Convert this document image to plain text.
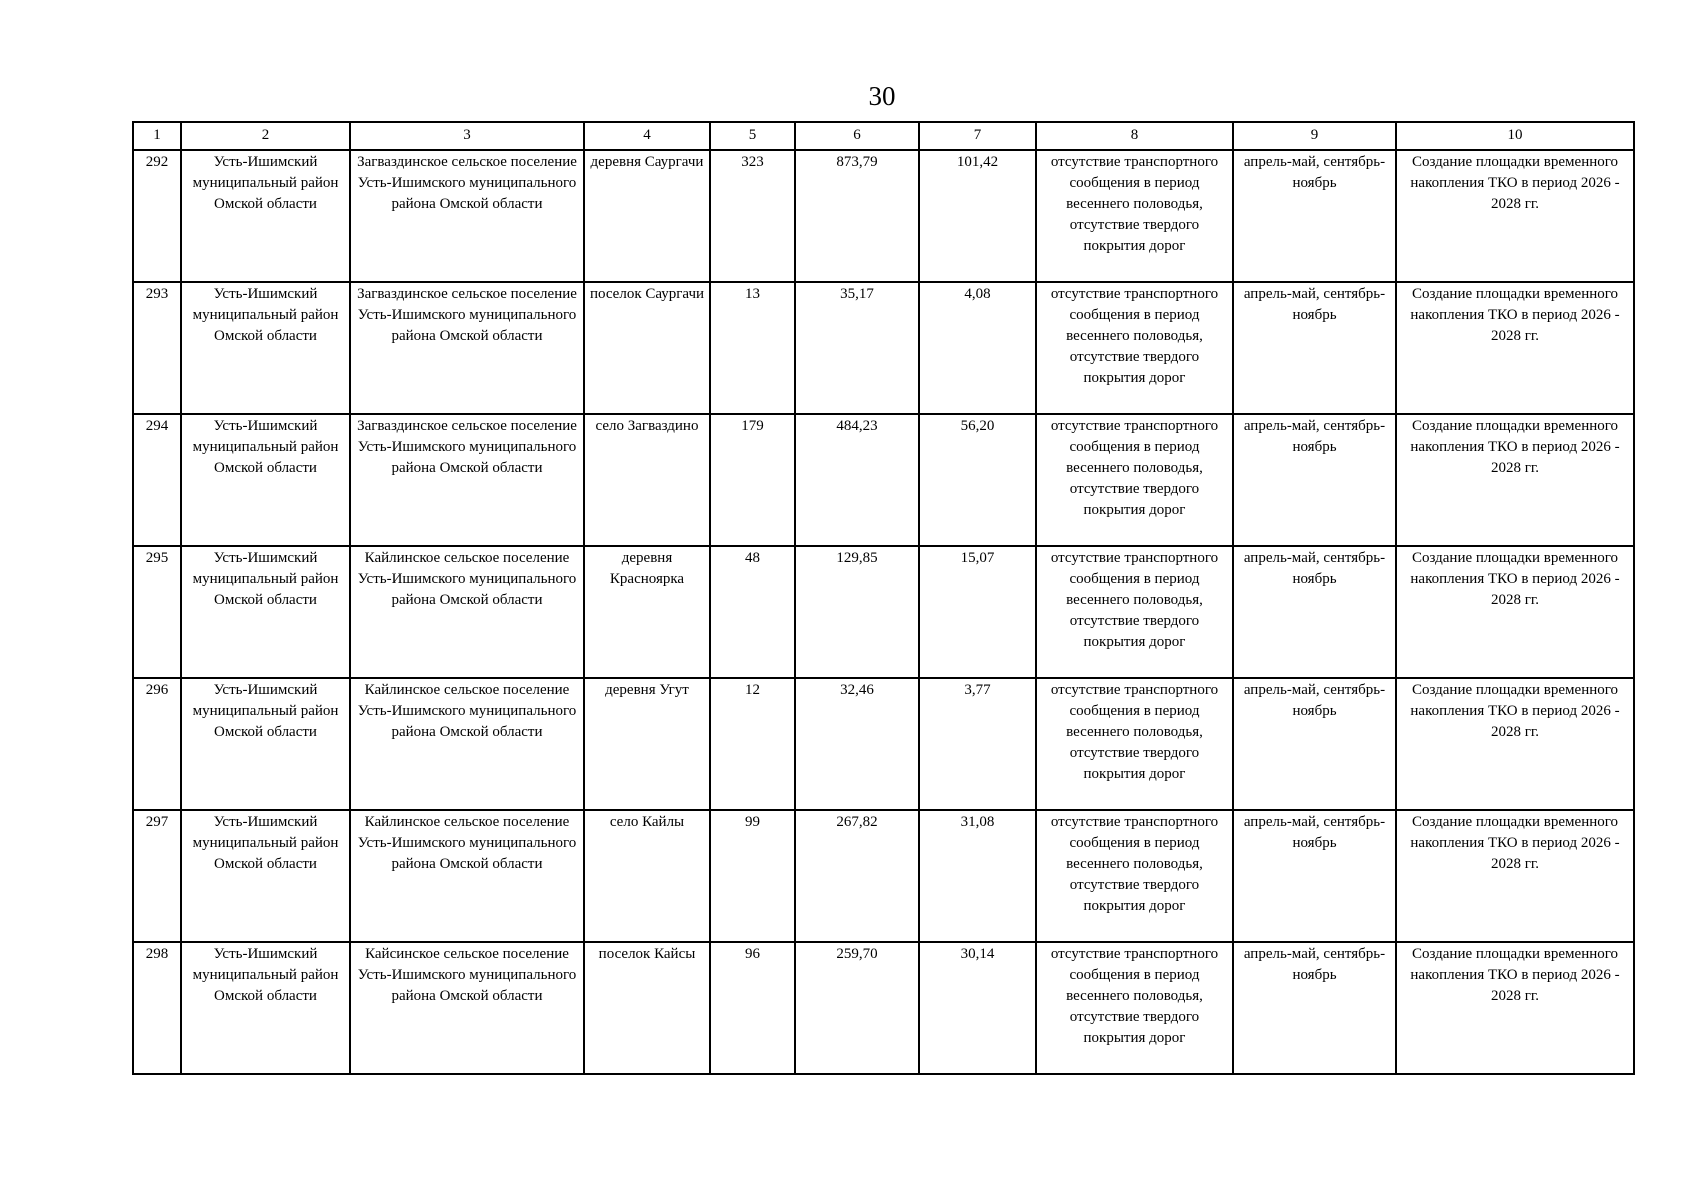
30
1	2	3	4	5	6	7	8	9	10
292	Усть-Ишимский муниципальный район Омской области	Загваздинское сельское поселение Усть-Ишимского муниципального района Омской области	деревня Саургачи	323	873,79	101,42	отсутствие транспортного сообщения в период весеннего половодья, отсутствие твердого покрытия дорог	апрель-май, сентябрь-ноябрь	Создание площадки временного накопления ТКО в период 2026 - 2028 гг.
293	Усть-Ишимский муниципальный район Омской области	Загваздинское сельское поселение Усть-Ишимского муниципального района Омской области	поселок Саургачи	13	35,17	4,08	отсутствие транспортного сообщения в период весеннего половодья, отсутствие твердого покрытия дорог	апрель-май, сентябрь-ноябрь	Создание площадки временного накопления ТКО в период 2026 - 2028 гг.
294	Усть-Ишимский муниципальный район Омской области	Загваздинское сельское поселение Усть-Ишимского муниципального района Омской области	село Загваздино	179	484,23	56,20	отсутствие транспортного сообщения в период весеннего половодья, отсутствие твердого покрытия дорог	апрель-май, сентябрь-ноябрь	Создание площадки временного накопления ТКО в период 2026 - 2028 гг.
295	Усть-Ишимский муниципальный район Омской области	Кайлинское сельское поселение Усть-Ишимского муниципального района Омской области	деревня Красноярка	48	129,85	15,07	отсутствие транспортного сообщения в период весеннего половодья, отсутствие твердого покрытия дорог	апрель-май, сентябрь-ноябрь	Создание площадки временного накопления ТКО в период 2026 - 2028 гг.
296	Усть-Ишимский муниципальный район Омской области	Кайлинское сельское поселение Усть-Ишимского муниципального района Омской области	деревня Угут	12	32,46	3,77	отсутствие транспортного сообщения в период весеннего половодья, отсутствие твердого покрытия дорог	апрель-май, сентябрь-ноябрь	Создание площадки временного накопления ТКО в период 2026 - 2028 гг.
297	Усть-Ишимский муниципальный район Омской области	Кайлинское сельское поселение Усть-Ишимского муниципального района Омской области	село Кайлы	99	267,82	31,08	отсутствие транспортного сообщения в период весеннего половодья, отсутствие твердого покрытия дорог	апрель-май, сентябрь-ноябрь	Создание площадки временного накопления ТКО в период 2026 - 2028 гг.
298	Усть-Ишимский муниципальный район Омской области	Кайсинское сельское поселение Усть-Ишимского муниципального района Омской области	поселок Кайсы	96	259,70	30,14	отсутствие транспортного сообщения в период весеннего половодья, отсутствие твердого покрытия дорог	апрель-май, сентябрь-ноябрь	Создание площадки временного накопления ТКО в период 2026 - 2028 гг.
